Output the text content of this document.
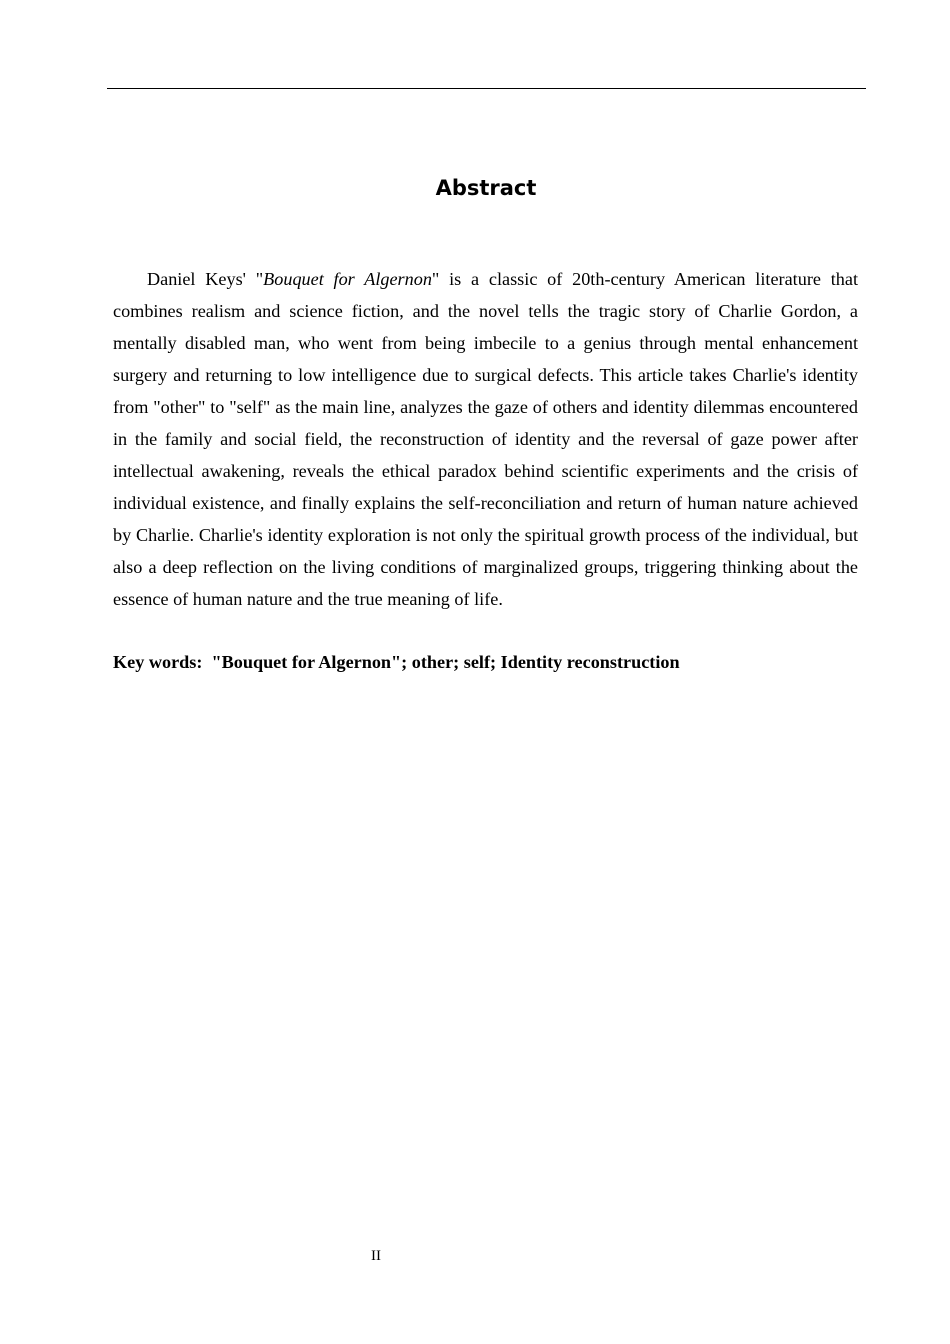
Abstract

Daniel Keys' "Bouquet for Algernon" is a classic of 20th-century American literature that combines realism and science fiction, and the novel tells the tragic story of Charlie Gordon, a mentally disabled man, who went from being imbecile to a genius through mental enhancement surgery and returning to low intelligence due to surgical defects. This article takes Charlie's identity from "other" to "self" as the main line, analyzes the gaze of others and identity dilemmas encountered in the family and social field, the reconstruction of identity and the reversal of gaze power after intellectual awakening, reveals the ethical paradox behind scientific experiments and the crisis of individual existence, and finally explains the self-reconciliation and return of human nature achieved by Charlie. Charlie's identity exploration is not only the spiritual growth process of the individual, but also a deep reflection on the living conditions of marginalized groups, triggering thinking about the essence of human nature and the true meaning of life.

Key words: "Bouquet for Algernon"; other; self; Identity reconstruction

II
